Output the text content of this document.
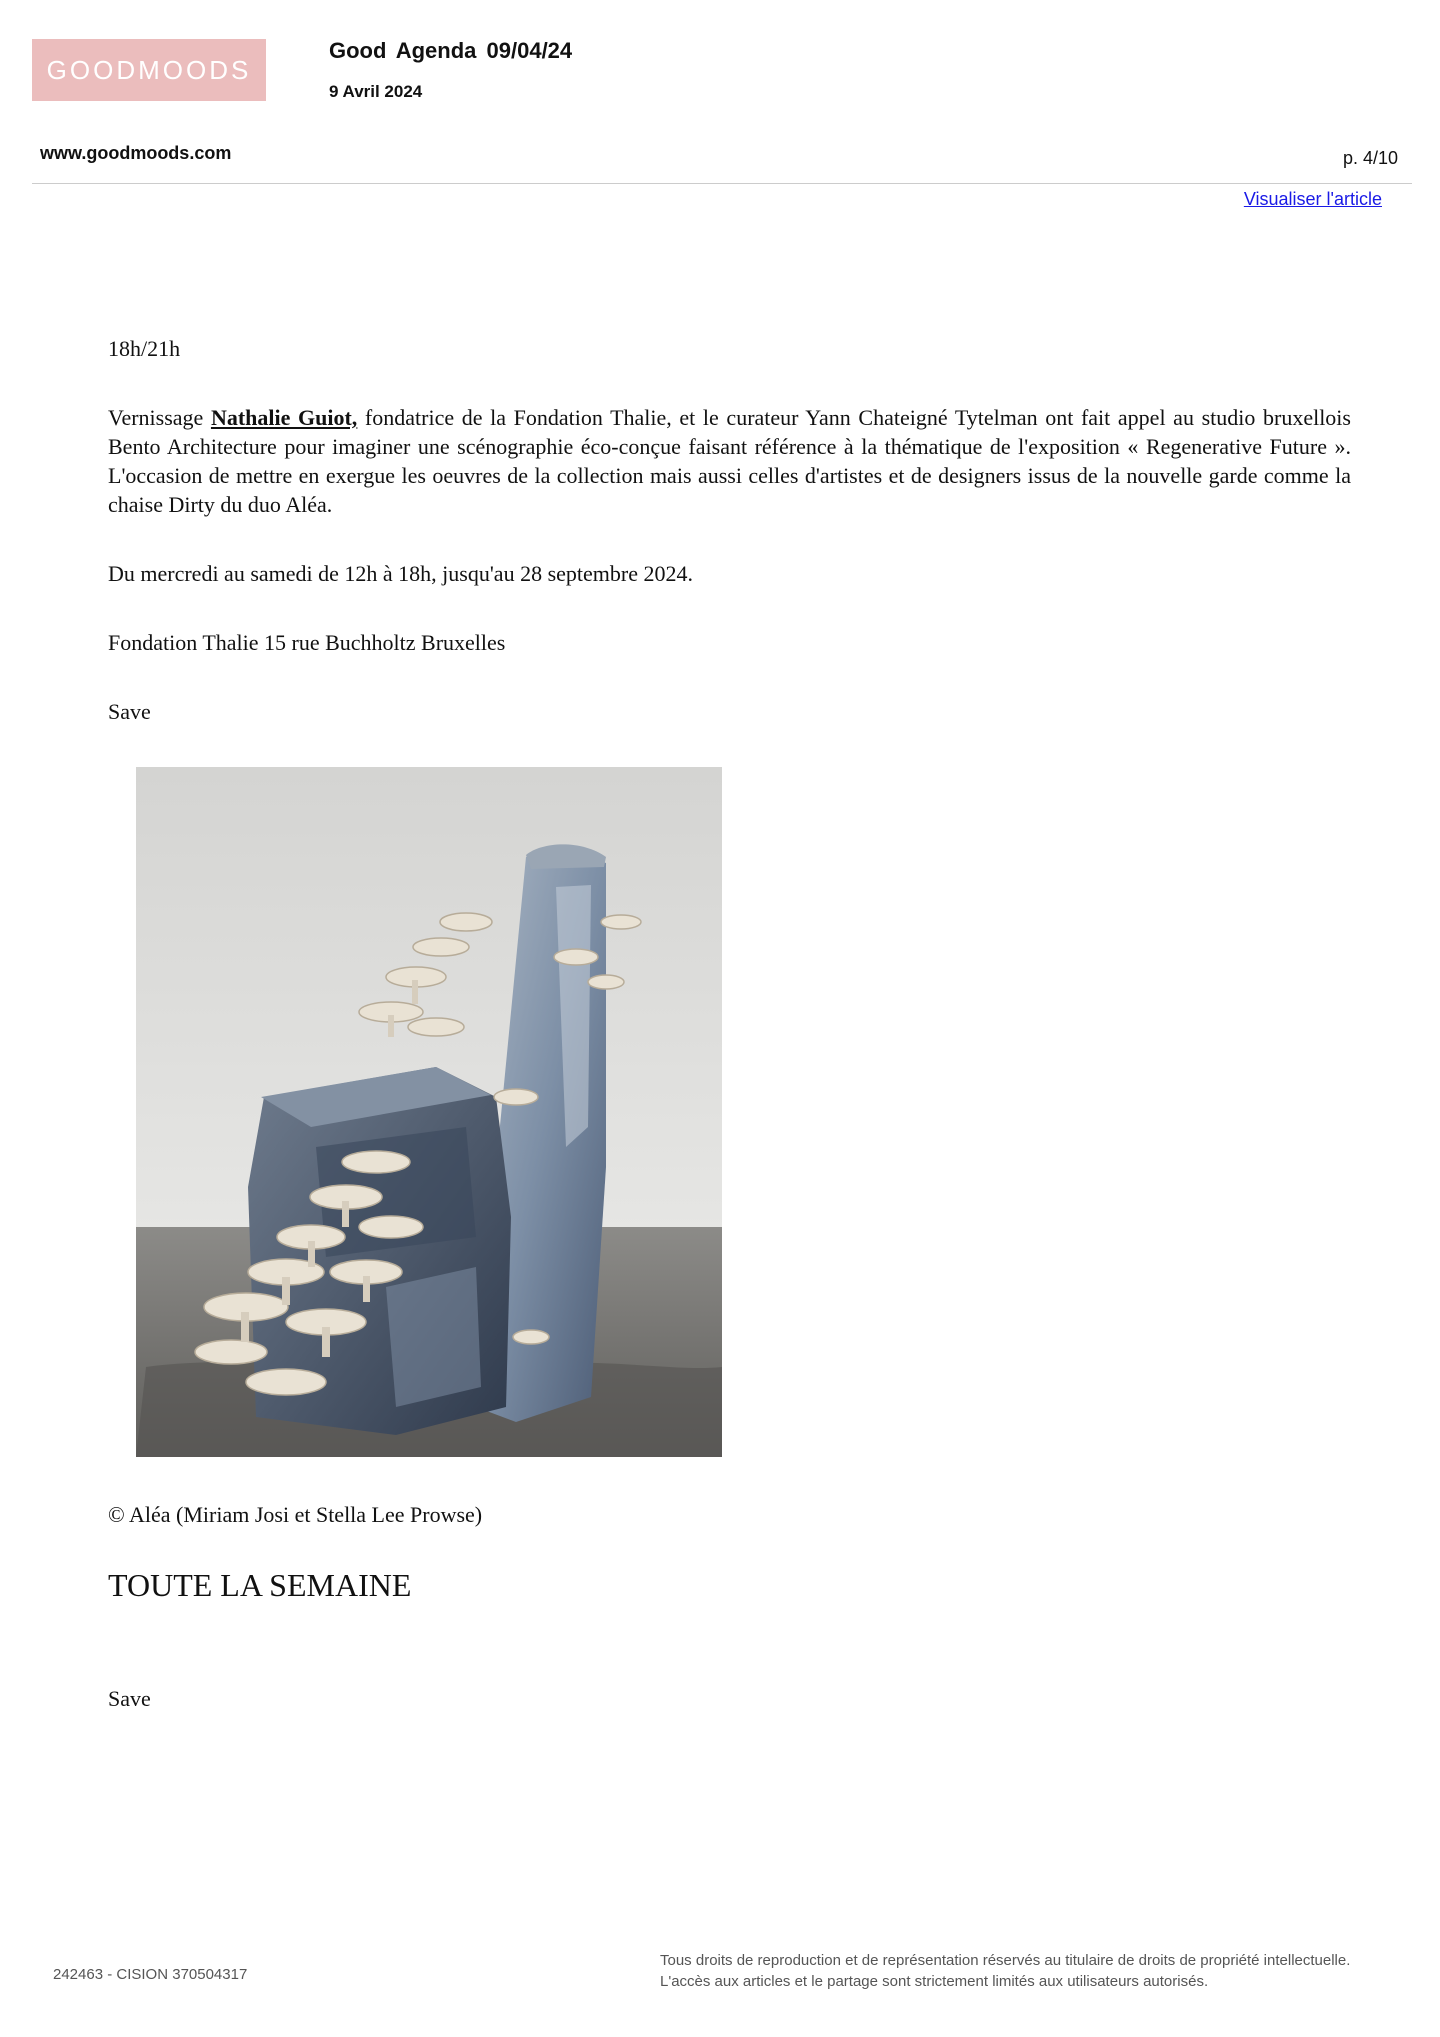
GOODMOODS
Good Agenda 09/04/24
9 Avril 2024
www.goodmoods.com	p. 4/10
Visualiser l'article
18h/21h
Vernissage Nathalie Guiot, fondatrice de la Fondation Thalie, et le curateur Yann Chateigné Tytelman ont fait appel au studio bruxellois Bento Architecture pour imaginer une scénographie éco-conçue faisant référence à la thématique de l'exposition « Regenerative Future ». L'occasion de mettre en exergue les oeuvres de la collection mais aussi celles d'artistes et de designers issus de la nouvelle garde comme la chaise Dirty du duo Aléa.
Du mercredi au samedi de 12h à 18h, jusqu'au 28 septembre 2024.
Fondation Thalie 15 rue Buchholtz Bruxelles
Save
© Aléa (Miriam Josi et Stella Lee Prowse)
TOUTE LA SEMAINE
Save
242463 - CISION 370504317
Tous droits de reproduction et de représentation réservés au titulaire de droits de propriété intellectuelle.
L'accès aux articles et le partage sont strictement limités aux utilisateurs autorisés.
